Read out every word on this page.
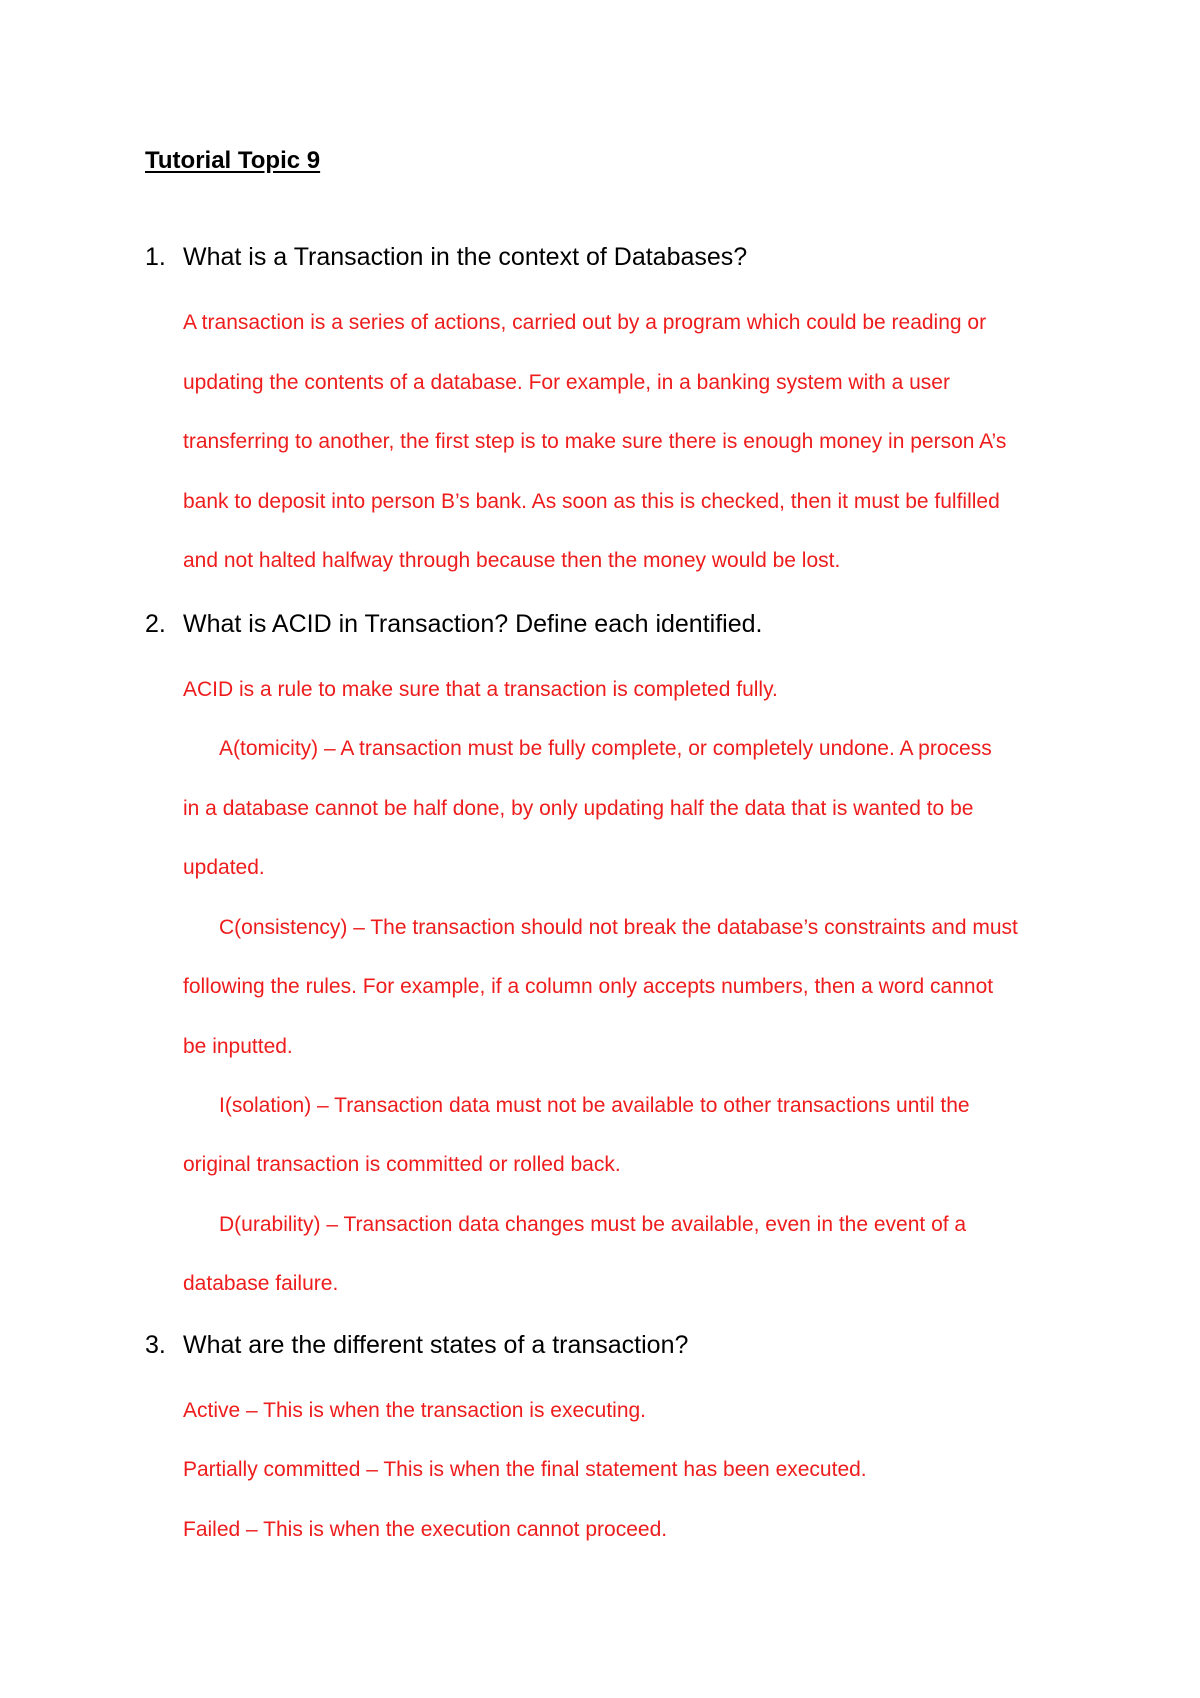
Tutorial Topic 9
1. What is a Transaction in the context of Databases?
A transaction is a series of actions, carried out by a program which could be reading or
updating the contents of a database. For example, in a banking system with a user
transferring to another, the first step is to make sure there is enough money in person A’s
bank to deposit into person B’s bank. As soon as this is checked, then it must be fulfilled
and not halted halfway through because then the money would be lost.
2. What is ACID in Transaction? Define each identified.
ACID is a rule to make sure that a transaction is completed fully.
A(tomicity) – A transaction must be fully complete, or completely undone. A process
in a database cannot be half done, by only updating half the data that is wanted to be
updated.
C(onsistency) – The transaction should not break the database’s constraints and must
following the rules. For example, if a column only accepts numbers, then a word cannot
be inputted.
I(solation) – Transaction data must not be available to other transactions until the
original transaction is committed or rolled back.
D(urability) – Transaction data changes must be available, even in the event of a
database failure.
3. What are the different states of a transaction?
Active – This is when the transaction is executing.
Partially committed – This is when the final statement has been executed.
Failed – This is when the execution cannot proceed.
